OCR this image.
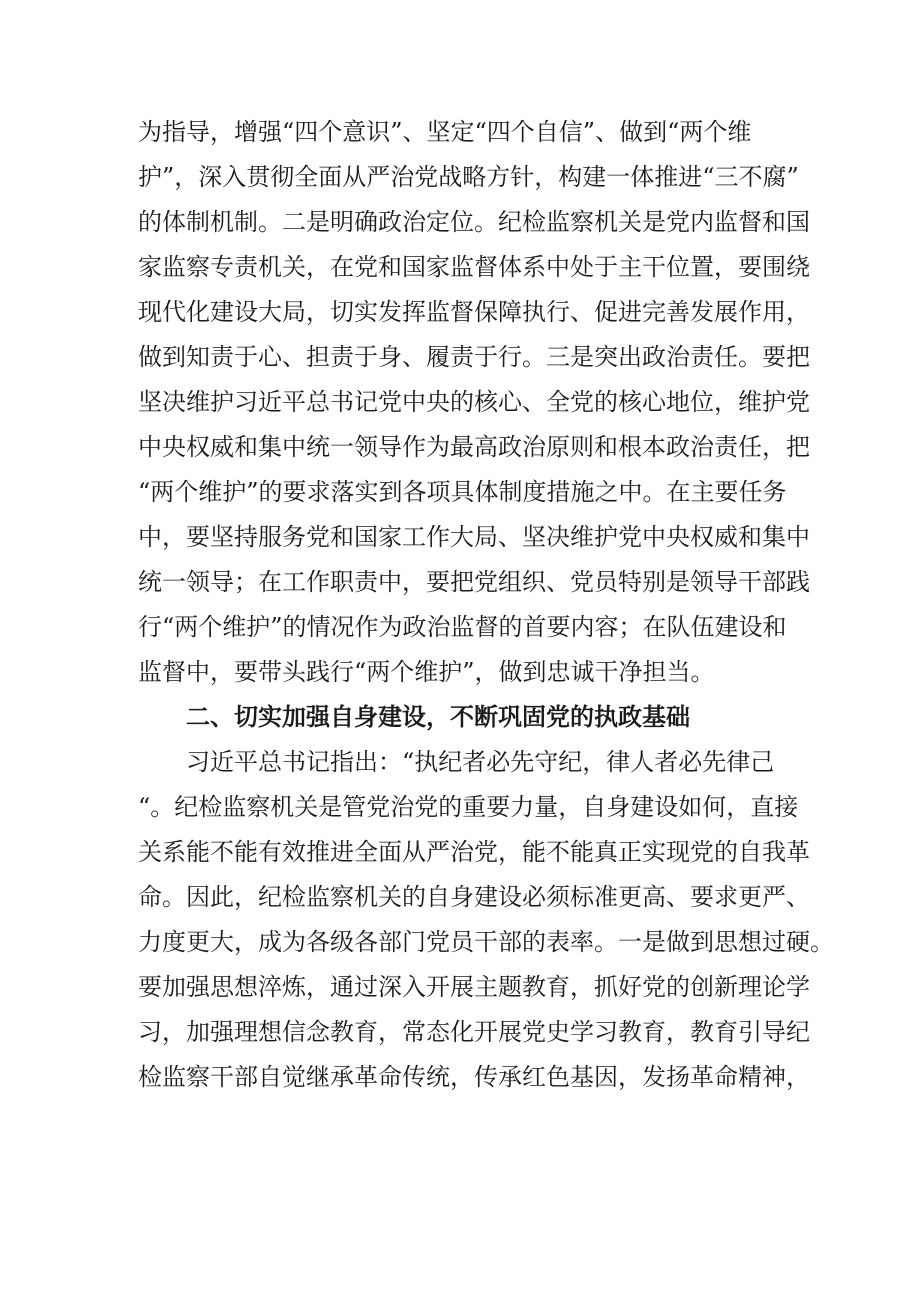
为指导，增强“四个意识”、坚定“四个自信”、做到“两个维
护”，深入贯彻全面从严治党战略方针，构建一体推进“三不腐”
的体制机制。二是明确政治定位。纪检监察机关是党内监督和国
家监察专责机关，在党和国家监督体系中处于主干位置，要围绕
现代化建设大局，切实发挥监督保障执行、促进完善发展作用，
做到知责于心、担责于身、履责于行。三是突出政治责任。要把
坚决维护习近平总书记党中央的核心、全党的核心地位，维护党
中央权威和集中统一领导作为最高政治原则和根本政治责任，把
“两个维护”的要求落实到各项具体制度措施之中。在主要任务
中，要坚持服务党和国家工作大局、坚决维护党中央权威和集中
统一领导；在工作职责中，要把党组织、党员特别是领导干部践
行“两个维护”的情况作为政治监督的首要内容；在队伍建设和
监督中，要带头践行“两个维护”，做到忠诚干净担当。
二、切实加强自身建设，不断巩固党的执政基础
习近平总书记指出：“执纪者必先守纪，律人者必先律己
“。纪检监察机关是管党治党的重要力量，自身建设如何，直接
关系能不能有效推进全面从严治党，能不能真正实现党的自我革
命。因此，纪检监察机关的自身建设必须标准更高、要求更严、
力度更大，成为各级各部门党员干部的表率。一是做到思想过硬。
要加强思想淬炼，通过深入开展主题教育，抓好党的创新理论学
习，加强理想信念教育，常态化开展党史学习教育，教育引导纪
检监察干部自觉继承革命传统，传承红色基因，发扬革命精神，
